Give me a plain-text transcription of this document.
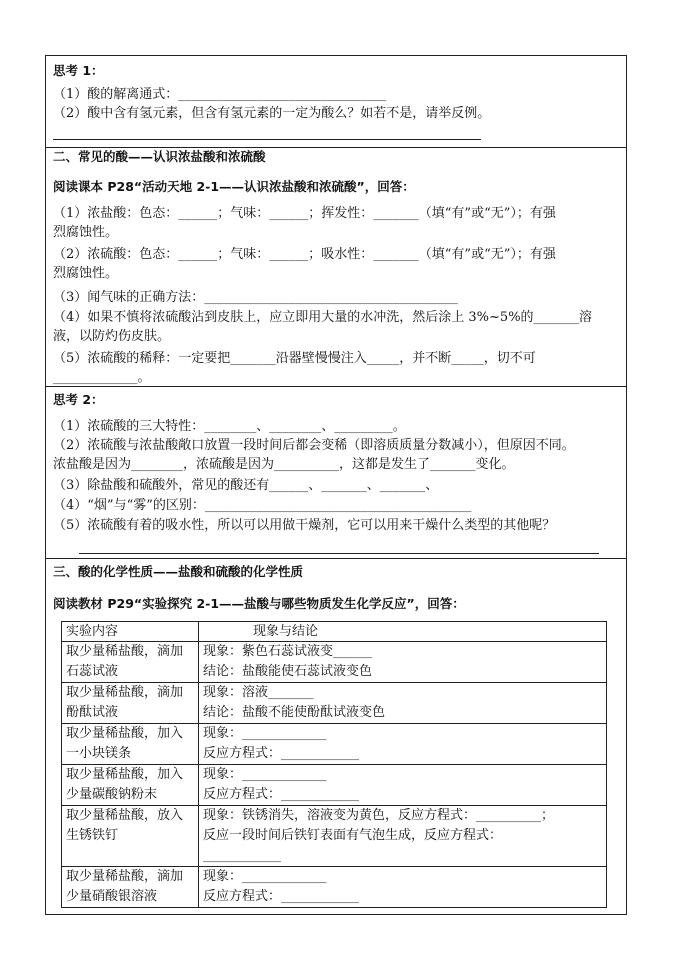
思考 1：
（1）酸的解离通式：________________________________
（2）酸中含有氢元素，但含有氢元素的一定为酸么？如若不是，请举反例。
二、常见的酸——认识浓盐酸和浓硫酸
阅读课本 P28“活动天地 2-1——认识浓盐酸和浓硫酸”，回答：
（1）浓盐酸：色态：______；气味：______；挥发性：_______（填“有”或“无”）；有强
烈腐蚀性。
（2）浓硫酸：色态：______；气味：______；吸水性：_______（填“有”或“无”）；有强
烈腐蚀性。
（3）闻气味的正确方法：_______________________________________
（4）如果不慎将浓硫酸沾到皮肤上，应立即用大量的水冲洗，然后涂上 3%~5%的_______溶
液，以防灼伤皮肤。
（5）浓硫酸的稀释：一定要把_______沿器壁慢慢注入_____，并不断_____，切不可
_____________。
思考 2：
（1）浓硫酸的三大特性：________、________、_________。
（2）浓硫酸与浓盐酸敞口放置一段时间后都会变稀（即溶质质量分数减小），但原因不同。
浓盐酸是因为________，浓硫酸是因为__________，这都是发生了_______变化。
（3）除盐酸和硫酸外，常见的酸还有______、_______、_______、
（4）“烟”与“雾”的区别：_________________________________________
（5）浓硫酸有着的吸水性，所以可以用做干燥剂，它可以用来干燥什么类型的其他呢？
三、酸的化学性质——盐酸和硫酸的化学性质
阅读教材 P29“实验探究 2-1——盐酸与哪些物质发生化学反应”，回答：
实验内容	现象与结论

取少量稀盐酸，滴加
石蕊试液	现象：紫色石蕊试液变______
结论：盐酸能使石蕊试液变色

取少量稀盐酸，滴加
酚酞试液	现象：溶液_______
结论：盐酸不能使酚酞试液变色

取少量稀盐酸，加入
一小块镁条	现象：_____________
反应方程式：____________

取少量稀盐酸，加入
少量碳酸钠粉末	现象：_____________
反应方程式：____________

取少量稀盐酸，放入
生锈铁钉	现象：铁锈消失，溶液变为黄色，反应方程式：__________；
反应一段时间后铁钉表面有气泡生成，反应方程式：
____________

取少量稀盐酸，滴加
少量硝酸银溶液	现象：_____________
反应方程式：____________
